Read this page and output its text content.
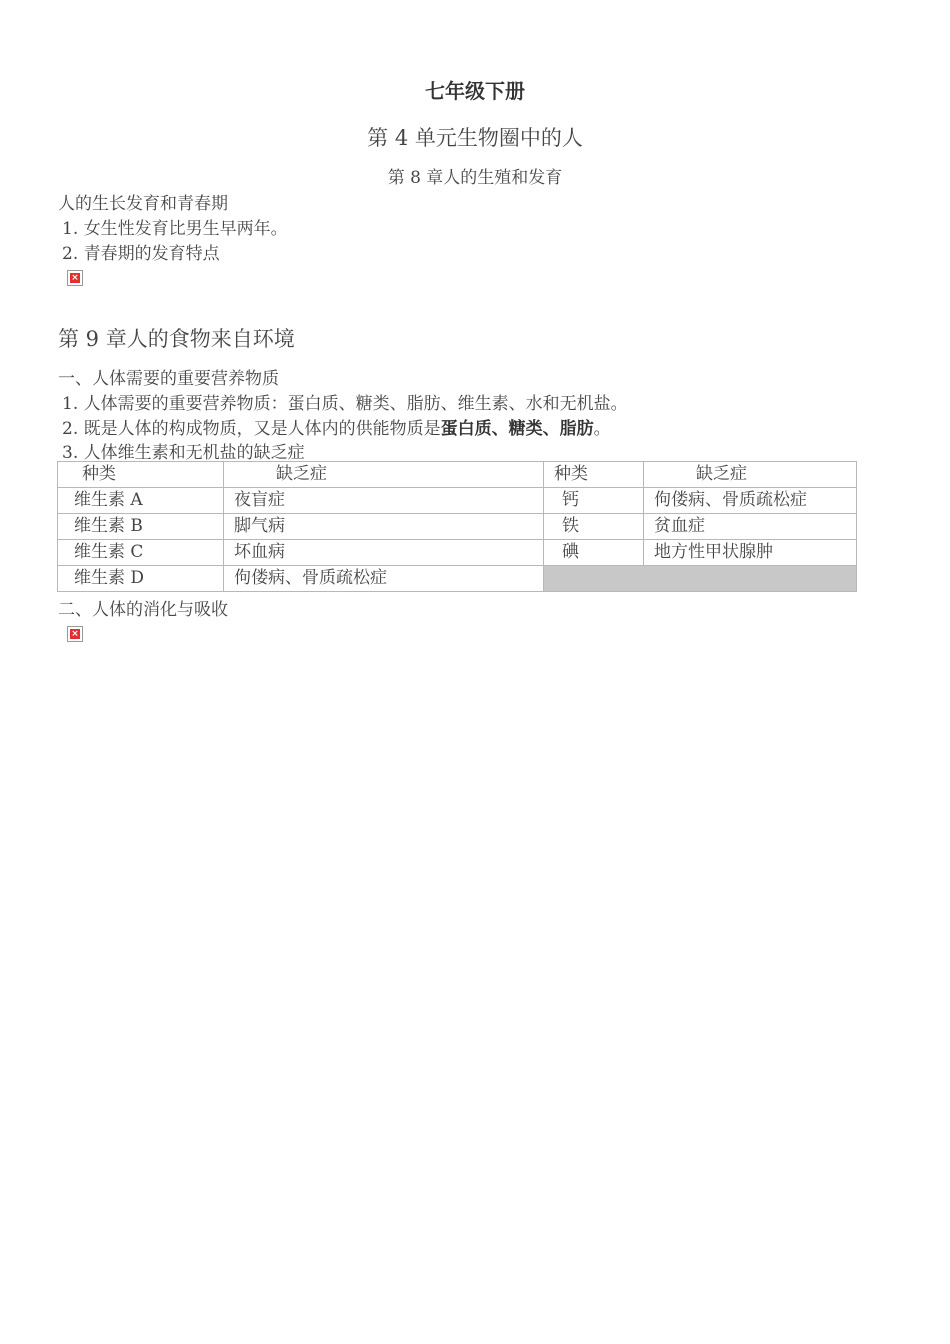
七年级下册
第 4 单元生物圈中的人
第 8 章人的生殖和发育
人的生长发育和青春期
1. 女生性发育比男生早两年。
2. 青春期的发育特点
×
第 9 章人的食物来自环境
一、人体需要的重要营养物质
1. 人体需要的重要营养物质：蛋白质、糖类、脂肪、维生素、水和无机盐。
2. 既是人体的构成物质，又是人体内的供能物质是蛋白质、糖类、脂肪。
3. 人体维生素和无机盐的缺乏症
种类	缺乏症	种类	缺乏症
维生素 A	夜盲症	钙	佝偻病、骨质疏松症
维生素 B	脚气病	铁	贫血症
维生素 C	坏血病	碘	地方性甲状腺肿
维生素 D	佝偻病、骨质疏松症		
二、人体的消化与吸收
×
